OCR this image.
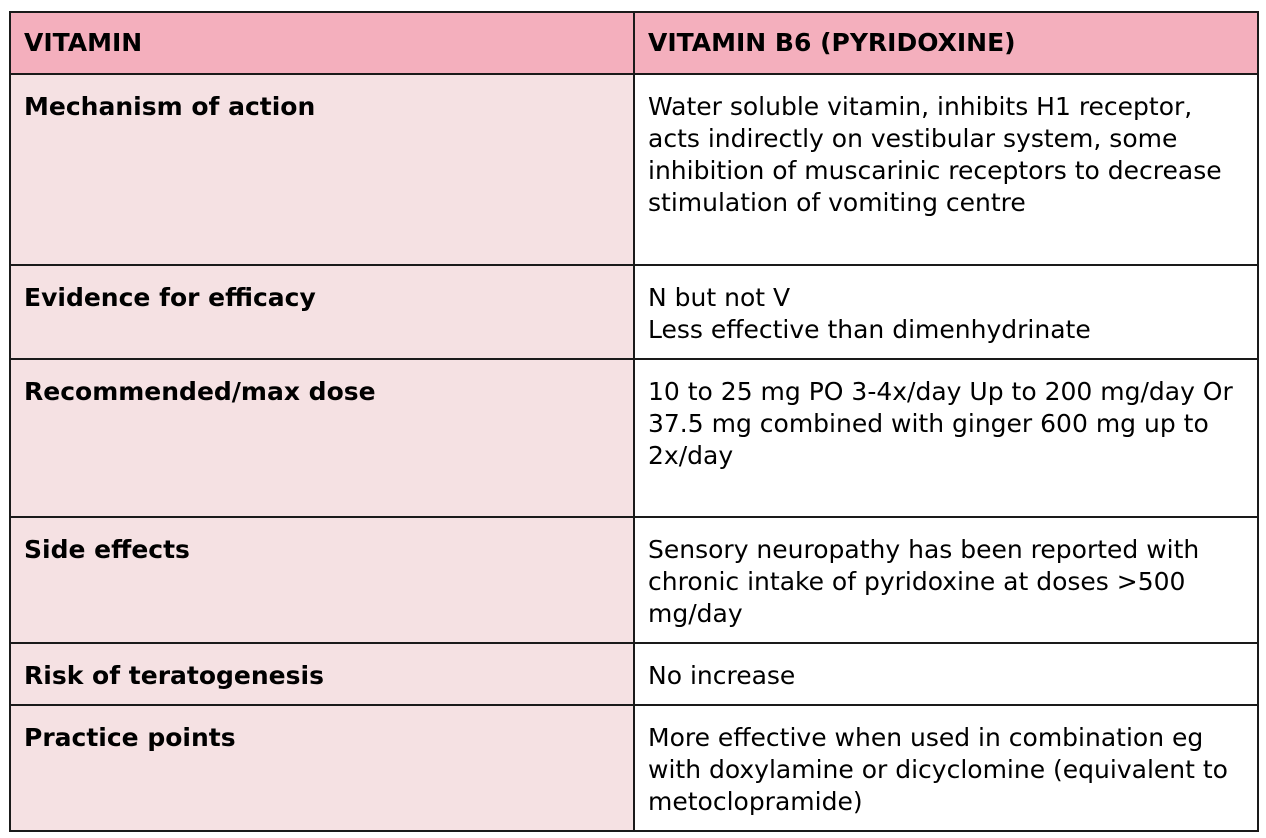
VITAMIN	VITAMIN B6 (PYRIDOXINE)
Mechanism of action	Water soluble vitamin, inhibits H1 receptor, acts indirectly on vestibular system, some inhibition of muscarinic receptors to decrease stimulation of vomiting centre
Evidence for efficacy	N but not V
Less effective than dimenhydrinate

Recommended/max dose	10 to 25 mg PO 3-4x/day Up to 200 mg/day Or 37.5 mg combined with ginger 600 mg up to 2x/day
Side effects	Sensory neuropathy has been reported with chronic intake of pyridoxine at doses >500 mg/day
Risk of teratogenesis	No increase
Practice points	More effective when used in combination eg with doxylamine or dicyclomine (equivalent to metoclopramide)
